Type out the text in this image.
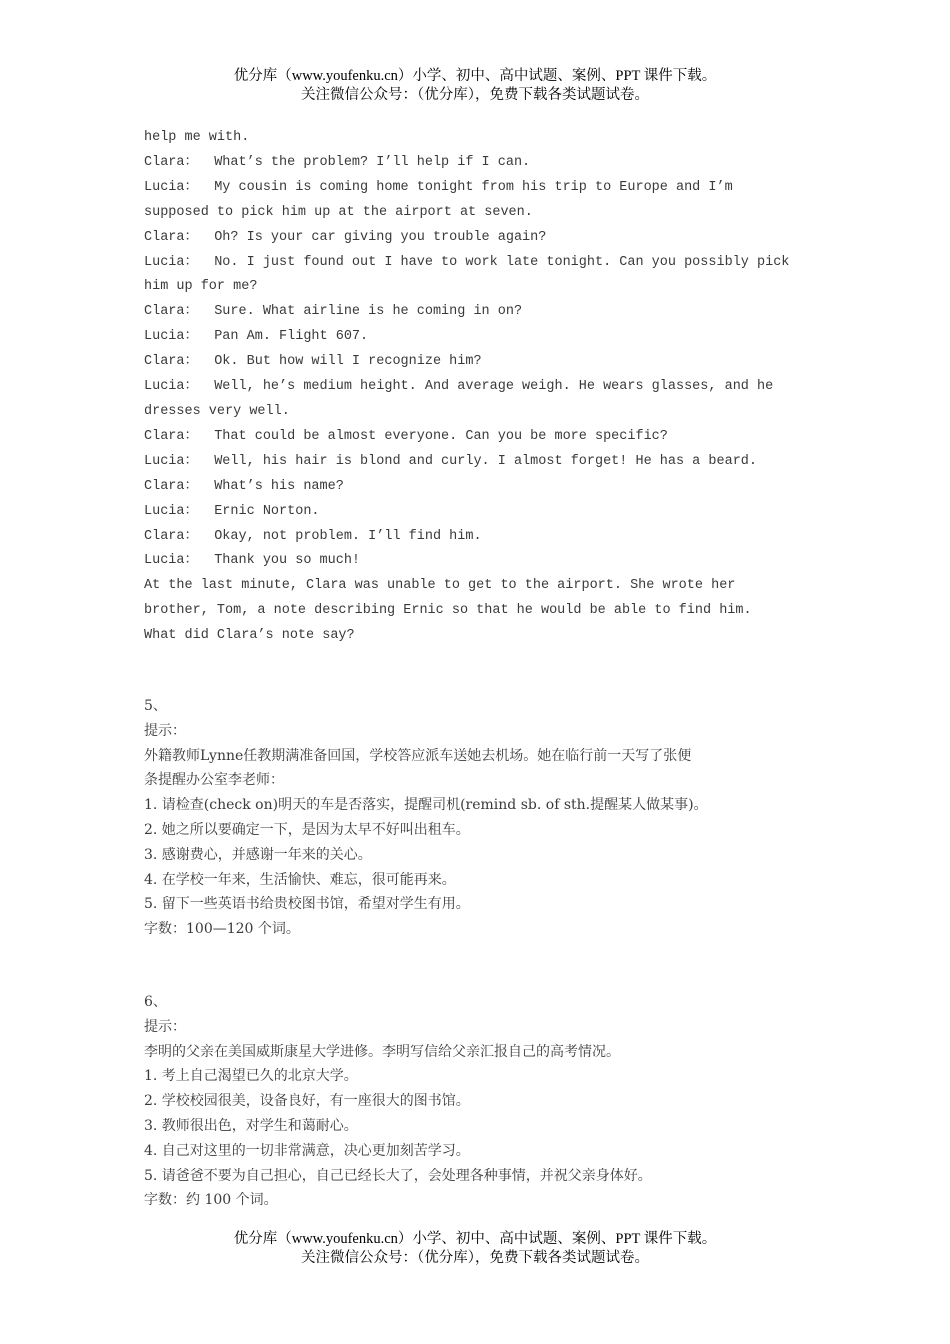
优分库（www.youfenku.cn）小学、初中、高中试题、案例、PPT 课件下载。
关注微信公众号：（优分库），免费下载各类试题试卷。
help me with.
Clara：  What’s the problem? I’ll help if I can.
Lucia：  My cousin is coming home tonight from his trip to Europe and I’m
supposed to pick him up at the airport at seven.
Clara：  Oh? Is your car giving you trouble again?
Lucia：  No. I just found out I have to work late tonight. Can you possibly pick
him up for me?
Clara：  Sure. What airline is he coming in on?
Lucia：  Pan Am. Flight 607.
Clara：  Ok. But how will I recognize him?
Lucia：  Well, he’s medium height. And average weigh. He wears glasses, and he
dresses very well.
Clara：  That could be almost everyone. Can you be more specific?
Lucia：  Well, his hair is blond and curly. I almost forget! He has a beard.
Clara：  What’s his name?
Lucia：  Ernic Norton.
Clara：  Okay, not problem. I’ll find him.
Lucia：  Thank you so much!
At the last minute, Clara was unable to get to the airport. She wrote her
brother, Tom, a note describing Ernic so that he would be able to find him.
What did Clara’s note say?
5、
提示：
外籍教师Lynne任教期满准备回国，学校答应派车送她去机场。她在临行前一天写了张便
条提醒办公室李老师：
1. 请检查(check on)明天的车是否落实，提醒司机(remind sb. of sth.提醒某人做某事)。
2. 她之所以要确定一下，是因为太早不好叫出租车。
3. 感谢费心，并感谢一年来的关心。
4. 在学校一年来，生活愉快、难忘，很可能再来。
5. 留下一些英语书给贵校图书馆，希望对学生有用。
字数：100—120 个词。
6、
提示：
李明的父亲在美国威斯康星大学进修。李明写信给父亲汇报自己的高考情况。
1. 考上自己渴望已久的北京大学。
2. 学校校园很美，设备良好，有一座很大的图书馆。
3. 教师很出色，对学生和蔼耐心。
4. 自己对这里的一切非常满意，决心更加刻苦学习。
5. 请爸爸不要为自己担心，自己已经长大了，会处理各种事情，并祝父亲身体好。
字数：约 100 个词。
优分库（www.youfenku.cn）小学、初中、高中试题、案例、PPT 课件下载。
关注微信公众号：（优分库），免费下载各类试题试卷。
